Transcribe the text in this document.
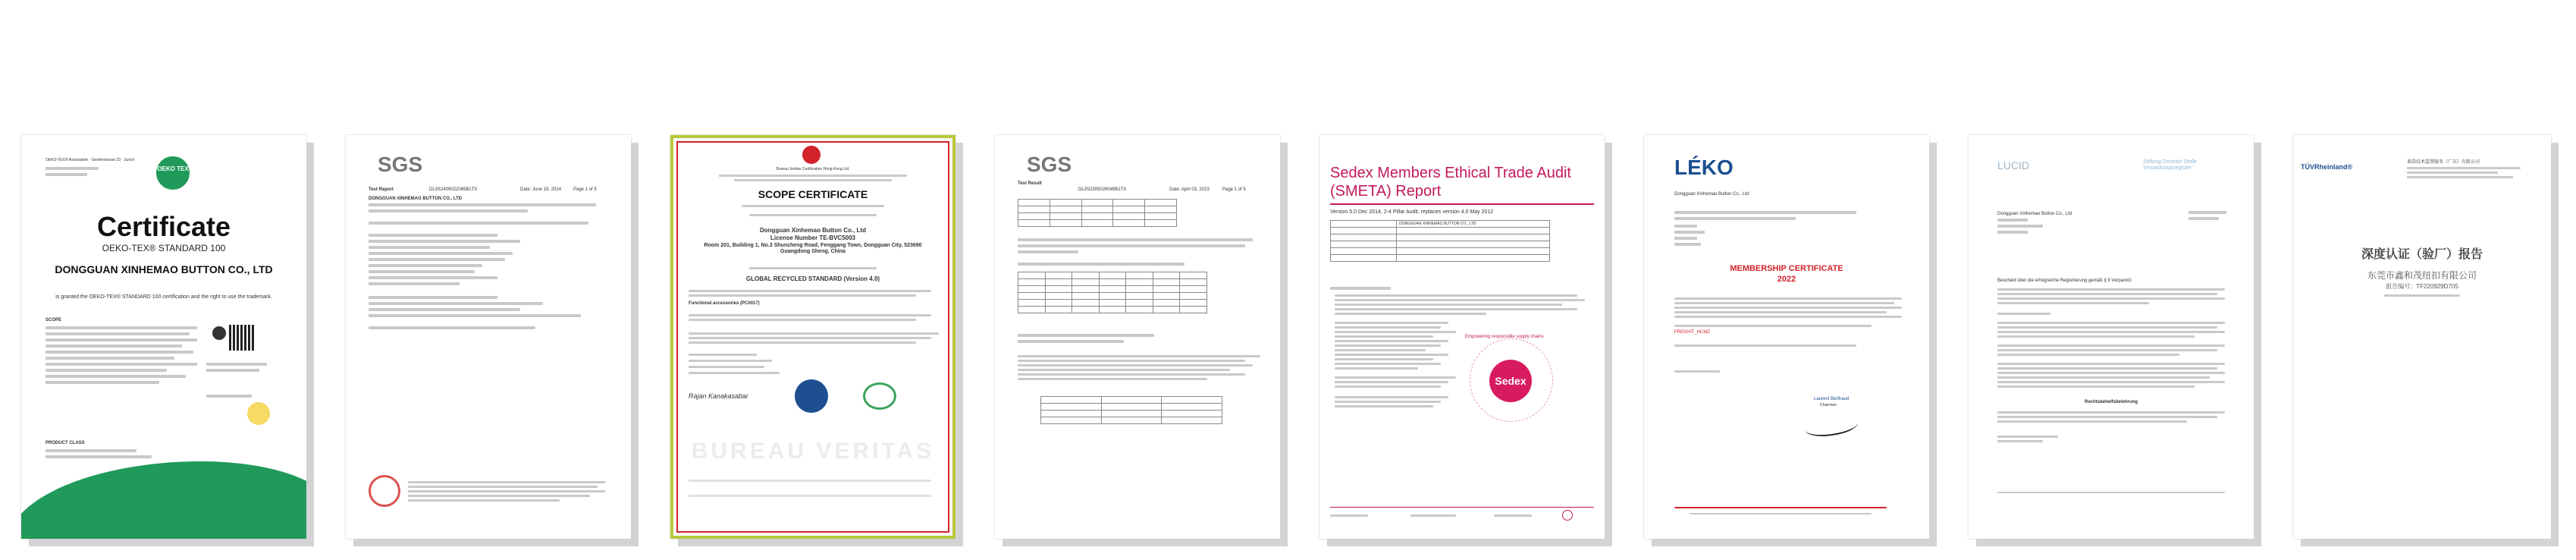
OEKO-TEX® Association · Genferstrasse 23 · Zurich
OEKO TEX
Certificate
OEKO-TEX® STANDARD 100
DONGGUAN XINHEMAO BUTTON CO., LTD
is granted the OEKO-TEX® STANDARD 100 certification and the right to use the trademark.
SCOPE
PRODUCT CLASS
SGS
Test Report	DL3S2409022065B1TX	Date: June 19, 2024	Page 1 of 5
DONGGUAN XINHEMAO BUTTON CO., LTD
Bureau Veritas Certification Hong Kong Ltd.
SCOPE CERTIFICATE
Dongguan Xinhemao Button Co., Ltd
License Number TE-BVC5003
Room 201, Building 1, No.3 Shuncheng Road, Fenggang Town, Dongguan City, 523690 Guangdong Sheng, China
GLOBAL RECYCLED STANDARD (Version 4.0)
Functional accessories (PC0017)
Rajan Kanakasabai
BUREAU VERITAS
SGS
Test Result
DL3S2305026049B1TX	Date: April 03, 2023	Page 1 of 5

Sedex Members Ethical Trade Audit (SMETA) Report
Version 5.0 Dec 2014, 2-4 Pillar Audit, replaces version 4.0 May 2012
	DONGGUAN XINHEMAO BUTTON CO., LTD

Empowering responsible supply chains
Sedex
LÉKO
Dongguan Xinhemao Button Co., Ltd
MEMBERSHIP CERTIFICATE
2022
FREIGHT_HCMZ
Laurent Berthaud
Chairman
LUCID	Stiftung Zentrale Stelle Verpackungsregister
Dongguan Xinhemao Button Co., Ltd
Bescheid über die erfolgreiche Registrierung gemäß § 9 VerpackG
Rechtsbehelfsbelehrung
TÜVRheinland®
莱茵技术监督服务（广东）有限公司
深度认证（验厂）报告
东莞市鑫和茂纽扣有限公司
报告编号：TF220929D705
